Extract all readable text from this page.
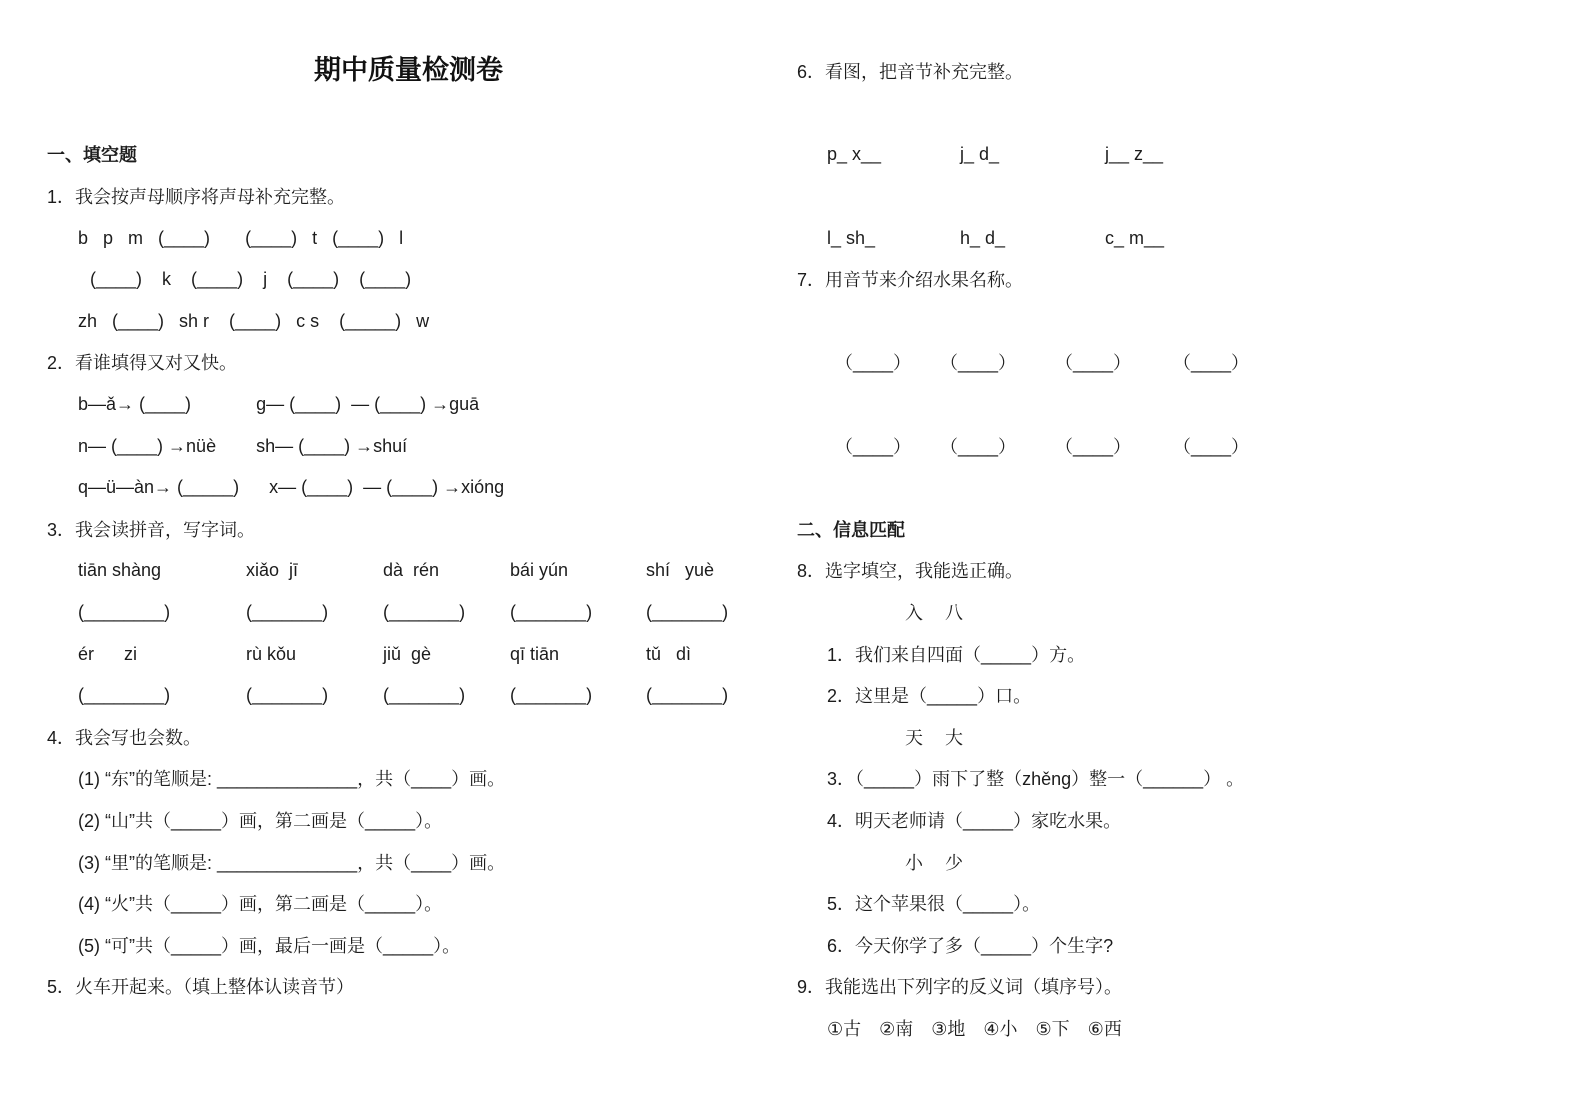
期中质量检测卷
一、填空题
1．我会按声母顺序将声母补充完整。
b   p   m   (____)       (____)   t   (____)   l
(____)    k    (____)    j    (____)    (____)
zh   (____)   sh r    (____)   c s    (_____)   w
2．看谁填得又对又快。
b—ǎ→ (____)             g— (____)  — (____) →guā
n— (____) →nüè        sh— (____) →shuí
q—ü—àn→ (_____)      x— (____)  — (____) →xióng
3．我会读拼音，写字词。
tiān shàng	xiǎo  jī	dà  rén	bái yún	shí   yuè
(________)	(_______)	(_______)	(_______)	(_______)
ér      zi	rù kǒu	jiǔ  gè	qī tiān	tǔ   dì
(________)	(_______)	(_______)	(_______)	(_______)
4．我会写也会数。
(1) “东”的笔顺是: ______________，共（____）画。
(2) “山”共（_____）画，第二画是（_____）。
(3) “里”的笔顺是: ______________，共（____）画。
(4) “火”共（_____）画，第二画是（_____）。
(5) “可”共（_____）画，最后一画是（_____）。
5．火车开起来。（填上整体认读音节）
6．看图，把音节补充完整。
p_ x__	j_ d_	j__ z__
l_ sh_	h_ d_	c_ m__
7．用音节来介绍水果名称。
（____）	（____）	（____）	（____）
（____）	（____）	（____）	（____）
二、信息匹配
8．选字填空，我能选正确。
入　八
1．我们来自四面（_____）方。
2．这里是（_____）口。
天　大
3．（_____）雨下了整（zhěng）整一（______） 。
4．明天老师请（_____）家吃水果。
小　少
5．这个苹果很（_____）。
6．今天你学了多（_____）个生字?
9．我能选出下列字的反义词（填序号）。
①古　②南　③地　④小　⑤下　⑥西
